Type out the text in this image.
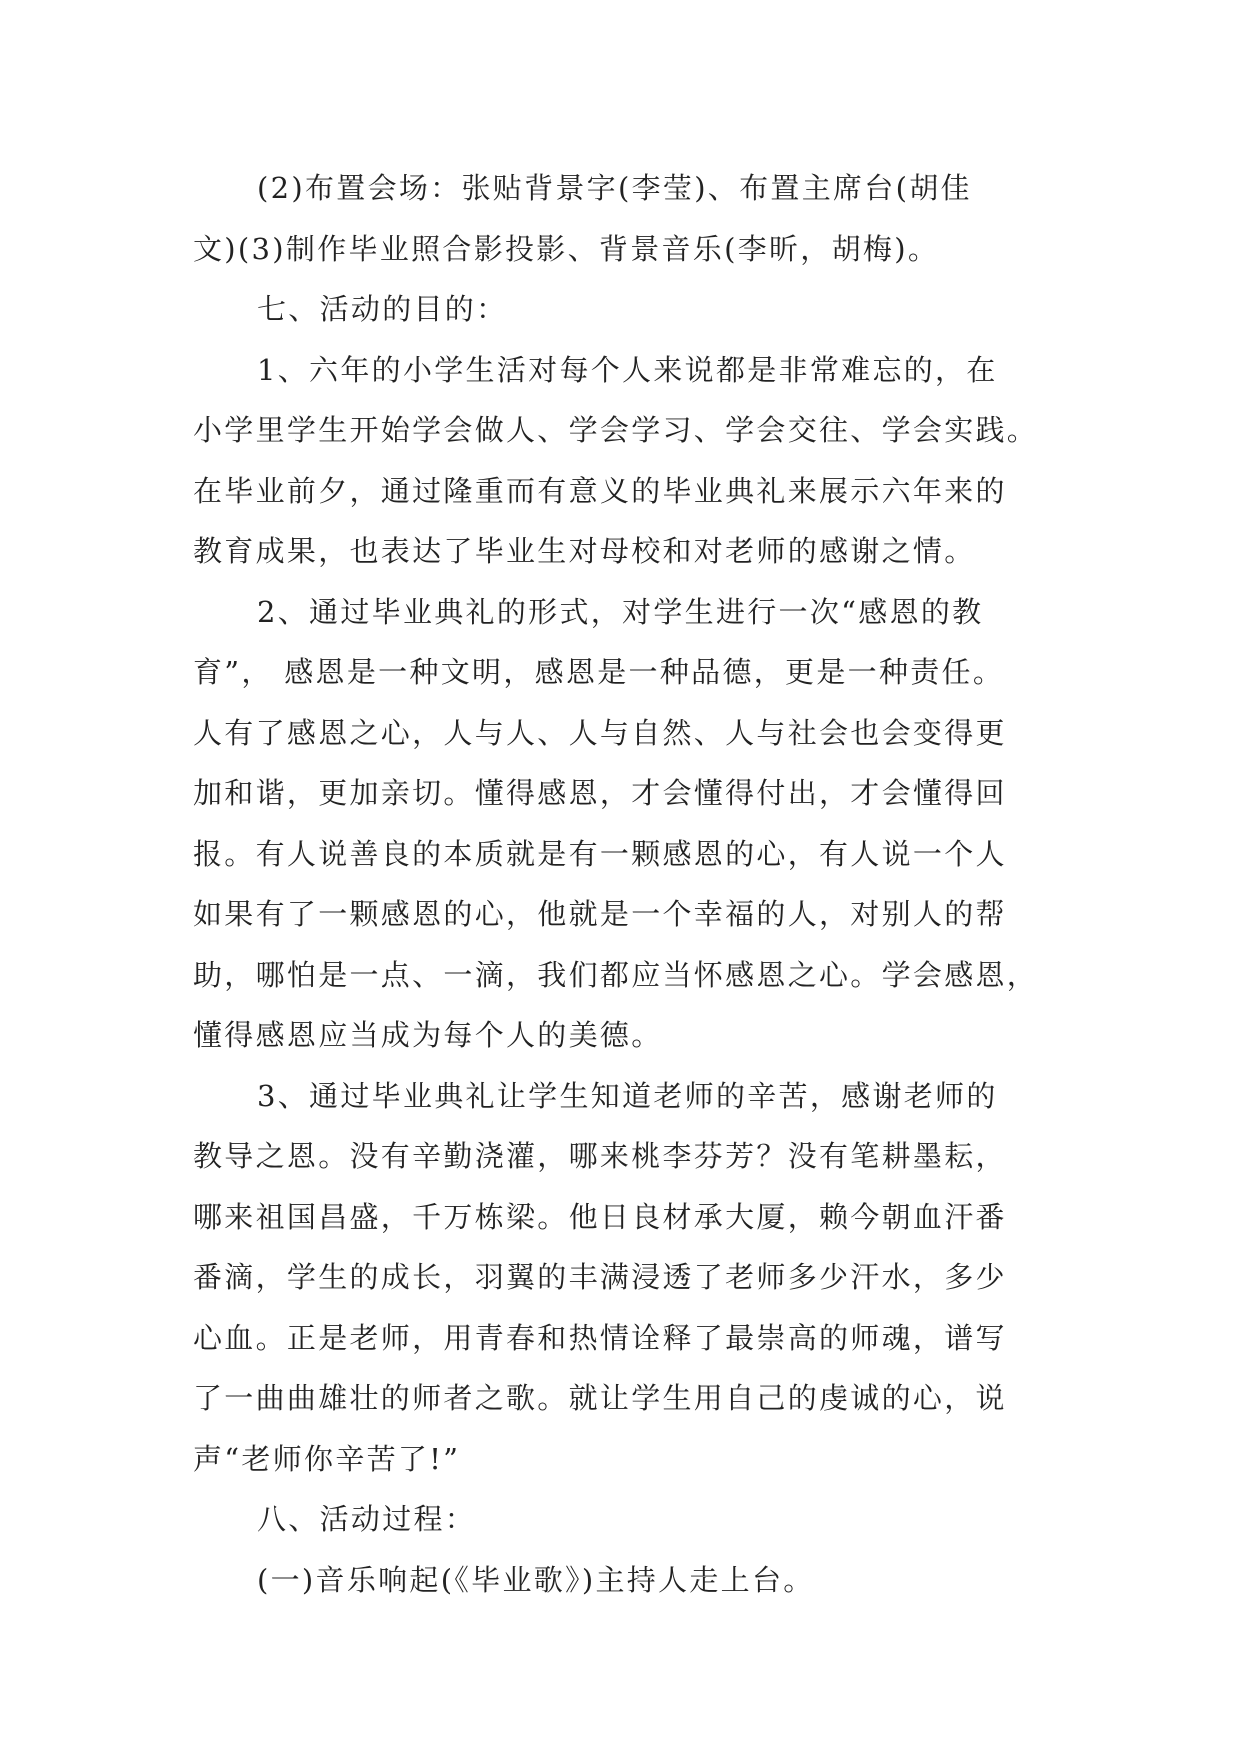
(2)布置会场：张贴背景字(李莹)、布置主席台(胡佳
文)(3)制作毕业照合影投影、背景音乐(李昕，胡梅)。
七、活动的目的：
1、六年的小学生活对每个人来说都是非常难忘的，在
小学里学生开始学会做人、学会学习、学会交往、学会实践。
在毕业前夕，通过隆重而有意义的毕业典礼来展示六年来的
教育成果，也表达了毕业生对母校和对老师的感谢之情。
2、通过毕业典礼的形式，对学生进行一次“感恩的教
育”， 感恩是一种文明，感恩是一种品德，更是一种责任。
人有了感恩之心，人与人、人与自然、人与社会也会变得更
加和谐，更加亲切。懂得感恩，才会懂得付出，才会懂得回
报。有人说善良的本质就是有一颗感恩的心，有人说一个人
如果有了一颗感恩的心，他就是一个幸福的人，对别人的帮
助，哪怕是一点、一滴，我们都应当怀感恩之心。学会感恩，
懂得感恩应当成为每个人的美德。
3、通过毕业典礼让学生知道老师的辛苦，感谢老师的
教导之恩。没有辛勤浇灌，哪来桃李芬芳？没有笔耕墨耘，
哪来祖国昌盛，千万栋梁。他日良材承大厦，赖今朝血汗番
番滴，学生的成长，羽翼的丰满浸透了老师多少汗水，多少
心血。正是老师，用青春和热情诠释了最崇高的师魂，谱写
了一曲曲雄壮的师者之歌。就让学生用自己的虔诚的心，说
声“老师你辛苦了!”
八、活动过程：
(一)音乐响起(《毕业歌》)主持人走上台。
